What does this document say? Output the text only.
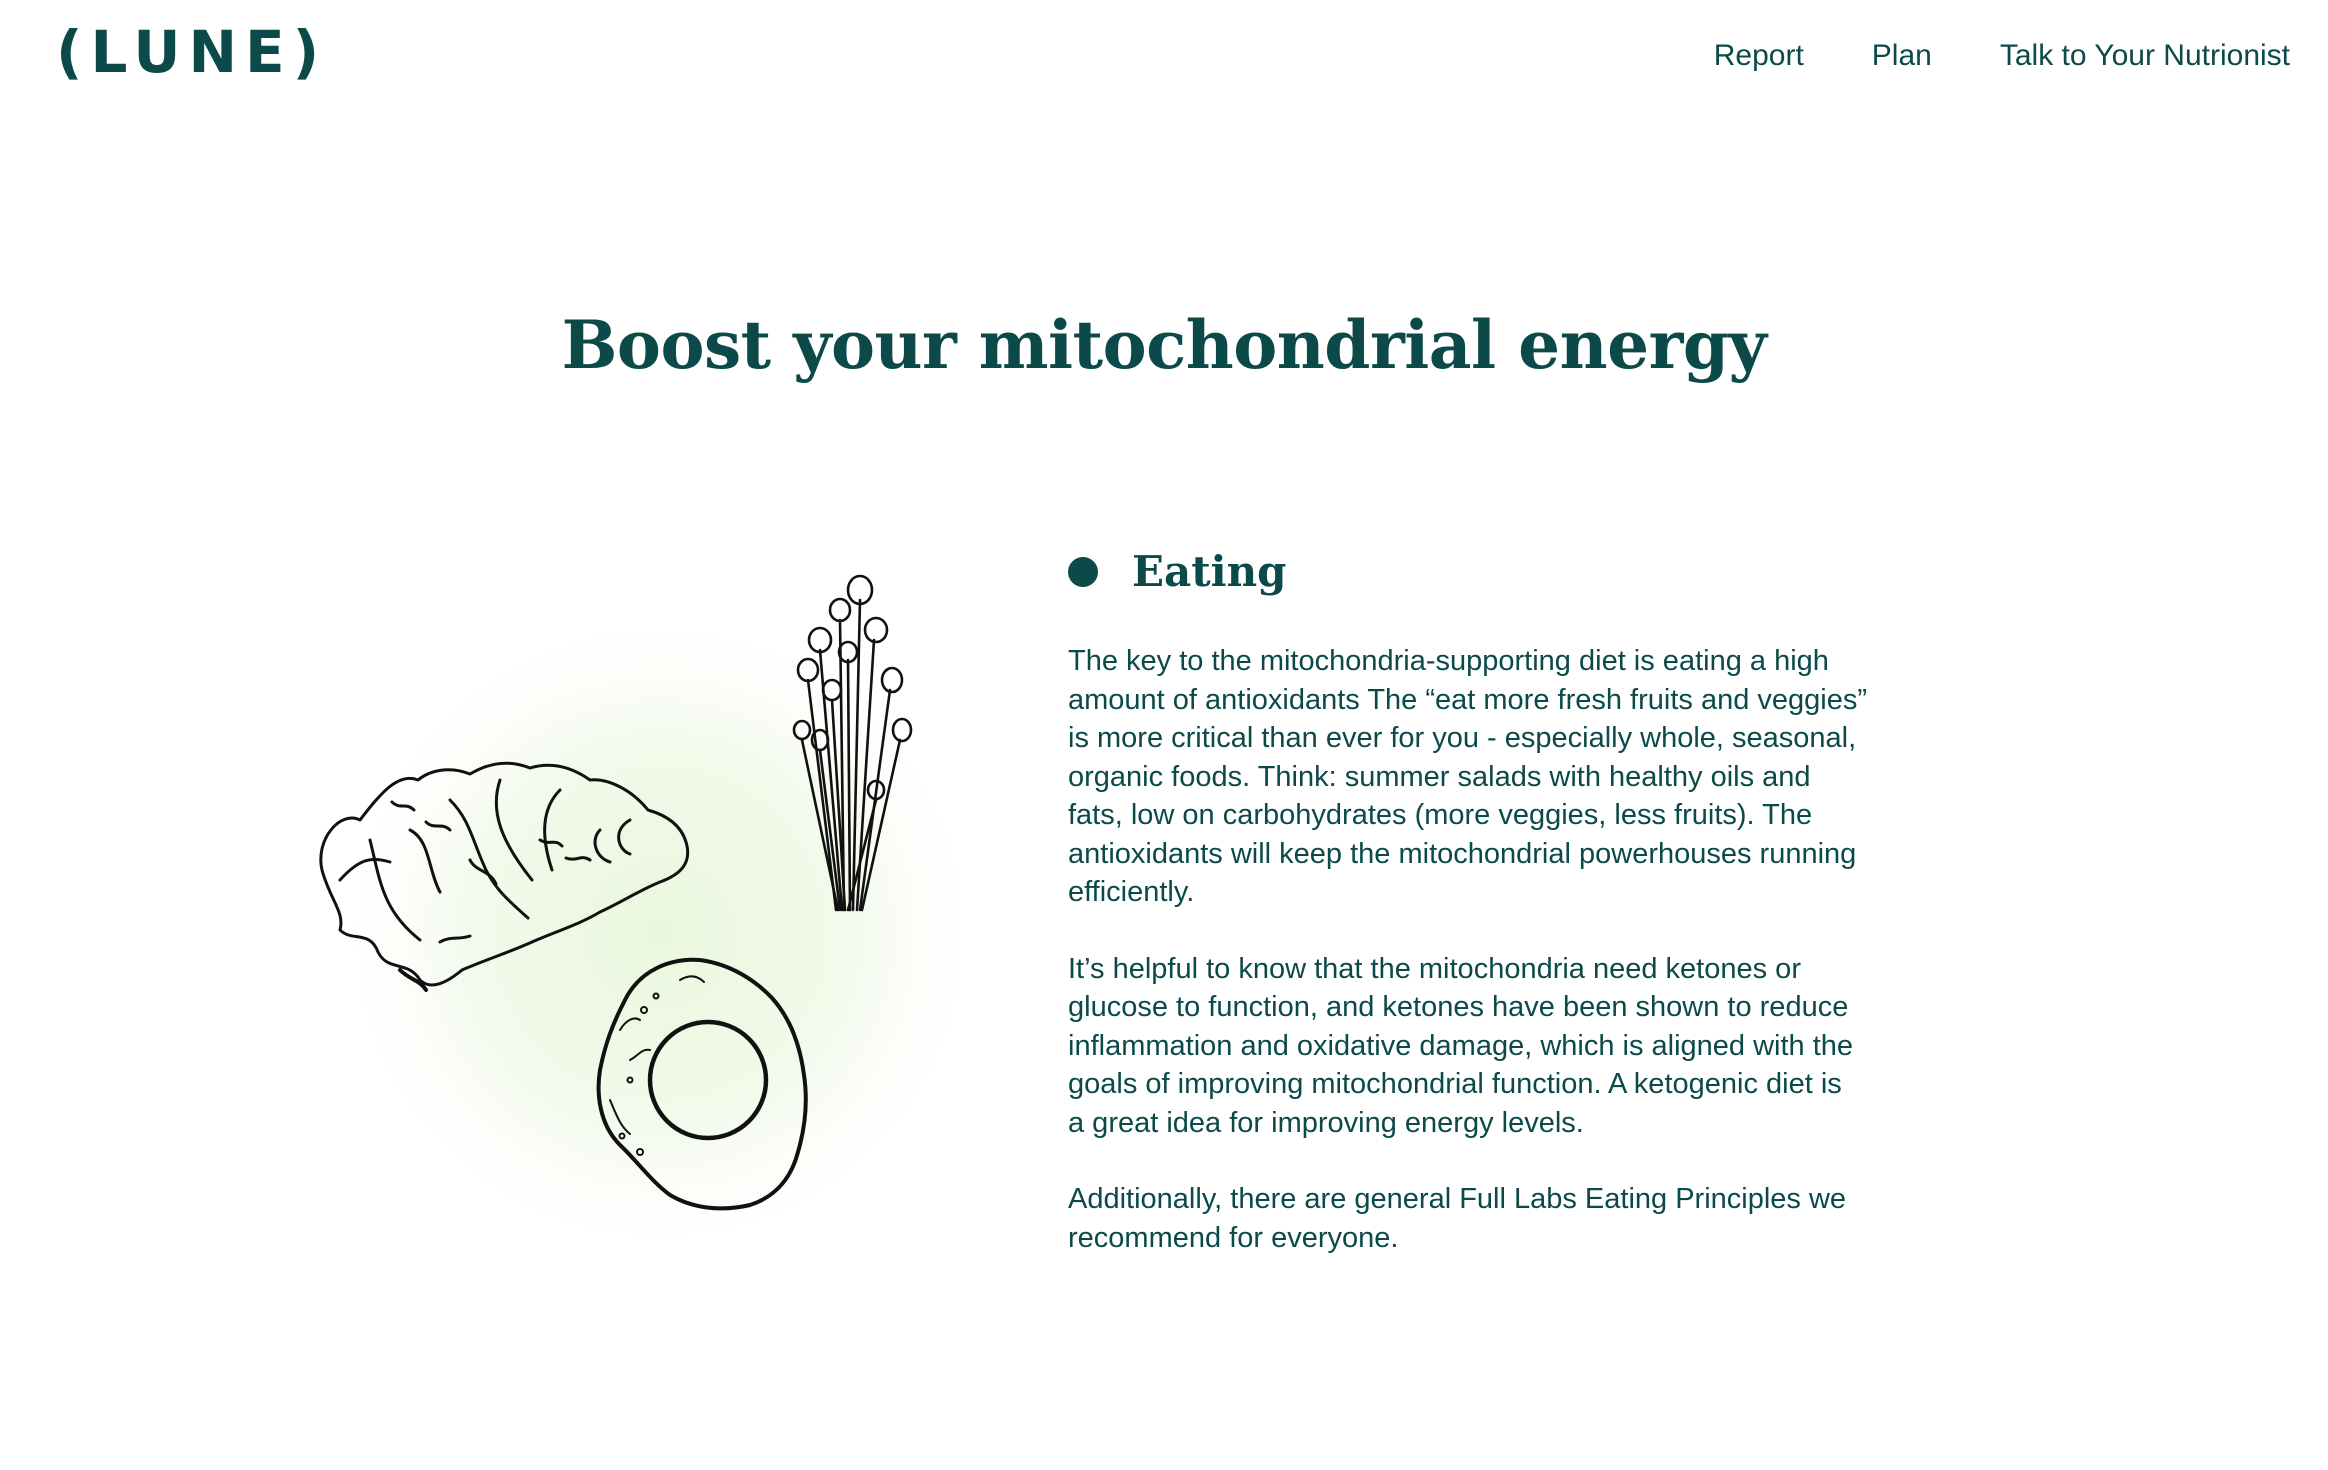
(LUNE)	Report Plan Talk to Your Nutrionist
Boost your mitochondrial energy
Eating

The key to the mitochondria-supporting diet is eating a high
amount of antioxidants The “eat more fresh fruits and veggies”
is more critical than ever for you - especially whole, seasonal,
organic foods. Think: summer salads with healthy oils and
fats, low on carbohydrates (more veggies, less fruits). The
antioxidants will keep the mitochondrial powerhouses running
efficiently.

It’s helpful to know that the mitochondria need ketones or
glucose to function, and ketones have been shown to reduce
inflammation and oxidative damage, which is aligned with the
goals of improving mitochondrial function. A ketogenic diet is
a great idea for improving energy levels.

Additionally, there are general Full Labs Eating Principles we
recommend for everyone.
